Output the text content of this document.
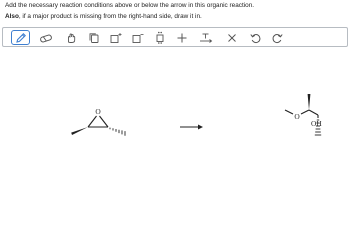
Add the necessary reaction conditions above or below the arrow in this organic reaction.
Also, if a major product is missing from the right-hand side, draw it in.
O
O
OH
